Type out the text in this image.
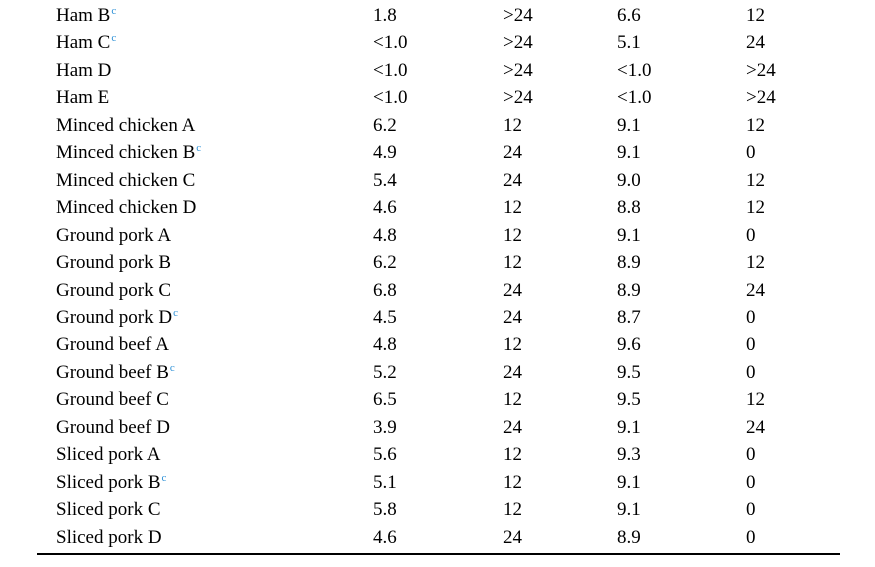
Ham B$^c$	1.8	>24	6.6	12
Ham C$^c$	<1.0	>24	5.1	24
Ham D	<1.0	>24	<1.0	>24
Ham E	<1.0	>24	<1.0	>24
Minced chicken A	6.2	12	9.1	12
Minced chicken B$^c$	4.9	24	9.1	0
Minced chicken C	5.4	24	9.0	12
Minced chicken D	4.6	12	8.8	12
Ground pork A	4.8	12	9.1	0
Ground pork B	6.2	12	8.9	12
Ground pork C	6.8	24	8.9	24
Ground pork D$^c$	4.5	24	8.7	0
Ground beef A	4.8	12	9.6	0
Ground beef B$^c$	5.2	24	9.5	0
Ground beef C	6.5	12	9.5	12
Ground beef D	3.9	24	9.1	24
Sliced pork A	5.6	12	9.3	0
Sliced pork B$^c$	5.1	12	9.1	0
Sliced pork C	5.8	12	9.1	0
Sliced pork D	4.6	24	8.9	0
